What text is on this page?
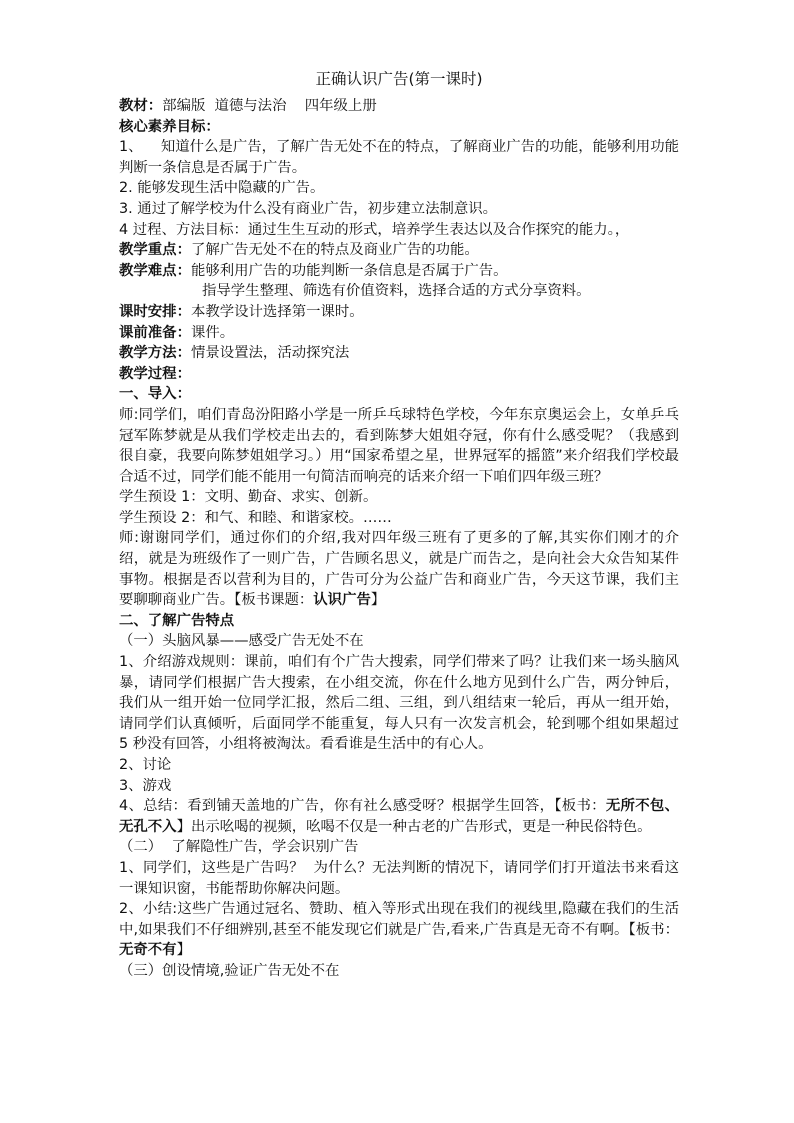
正确认识广告(第一课时)

教材：部编版  道德与法治    四年级上册

核心素养目标：

1、    知道什么是广告，了解广告无处不在的特点，了解商业广告的功能，能够利用功能判断一条信息是否属于广告。

2. 能够发现生活中隐藏的广告。

3. 通过了解学校为什么没有商业广告，初步建立法制意识。

4 过程、方法目标：通过生生互动的形式，培养学生表达以及合作探究的能力。，

教学重点：了解广告无处不在的特点及商业广告的功能。

教学难点：能够利用广告的功能判断一条信息是否属于广告。

指导学生整理、筛选有价值资料，选择合适的方式分享资料。

课时安排：本教学设计选择第一课时。

课前准备：课件。

教学方法：情景设置法，活动探究法

教学过程：

一、导入：

师:同学们，咱们青岛汾阳路小学是一所乒乓球特色学校，今年东京奥运会上，女单乒乓冠军陈梦就是从我们学校走出去的，看到陈梦大姐姐夺冠，你有什么感受呢？（我感到很自豪，我要向陈梦姐姐学习。）用“国家希望之星，世界冠军的摇篮”来介绍我们学校最合适不过，同学们能不能用一句简洁而响亮的话来介绍一下咱们四年级三班？

学生预设 1：文明、勤奋、求实、创新。

学生预设 2：和气、和睦、和谐家校。……

师:谢谢同学们，通过你们的介绍,我对四年级三班有了更多的了解,其实你们刚才的介绍，就是为班级作了一则广告，广告顾名思义，就是广而告之，是向社会大众告知某件事物。根据是否以营利为目的，广告可分为公益广告和商业广告，今天这节课，我们主要聊聊商业广告。【板书课题：认识广告】

二、了解广告特点

（一）头脑风暴——感受广告无处不在

1、介绍游戏规则：课前，咱们有个广告大搜索，同学们带来了吗？让我们来一场头脑风暴，请同学们根据广告大搜索，在小组交流，你在什么地方见到什么广告，两分钟后，我们从一组开始一位同学汇报，然后二组、三组，到八组结束一轮后，再从一组开始，请同学们认真倾听，后面同学不能重复，每人只有一次发言机会，轮到哪个组如果超过 5 秒没有回答，小组将被淘汰。看看谁是生活中的有心人。

2、讨论

3、游戏

4、总结：看到铺天盖地的广告，你有社么感受呀？根据学生回答，【板书：无所不包、无孔不入】出示吆喝的视频，吆喝不仅是一种古老的广告形式，更是一种民俗特色。

（二）  了解隐性广告，学会识别广告

1、同学们，这些是广告吗？  为什么？无法判断的情况下，请同学们打开道法书来看这一课知识窗，书能帮助你解决问题。

2、小结:这些广告通过冠名、赞助、植入等形式出现在我们的视线里,隐藏在我们的生活中,如果我们不仔细辨别,甚至不能发现它们就是广告,看来,广告真是无奇不有啊。【板书：无奇不有】

（三）创设情境,验证广告无处不在
